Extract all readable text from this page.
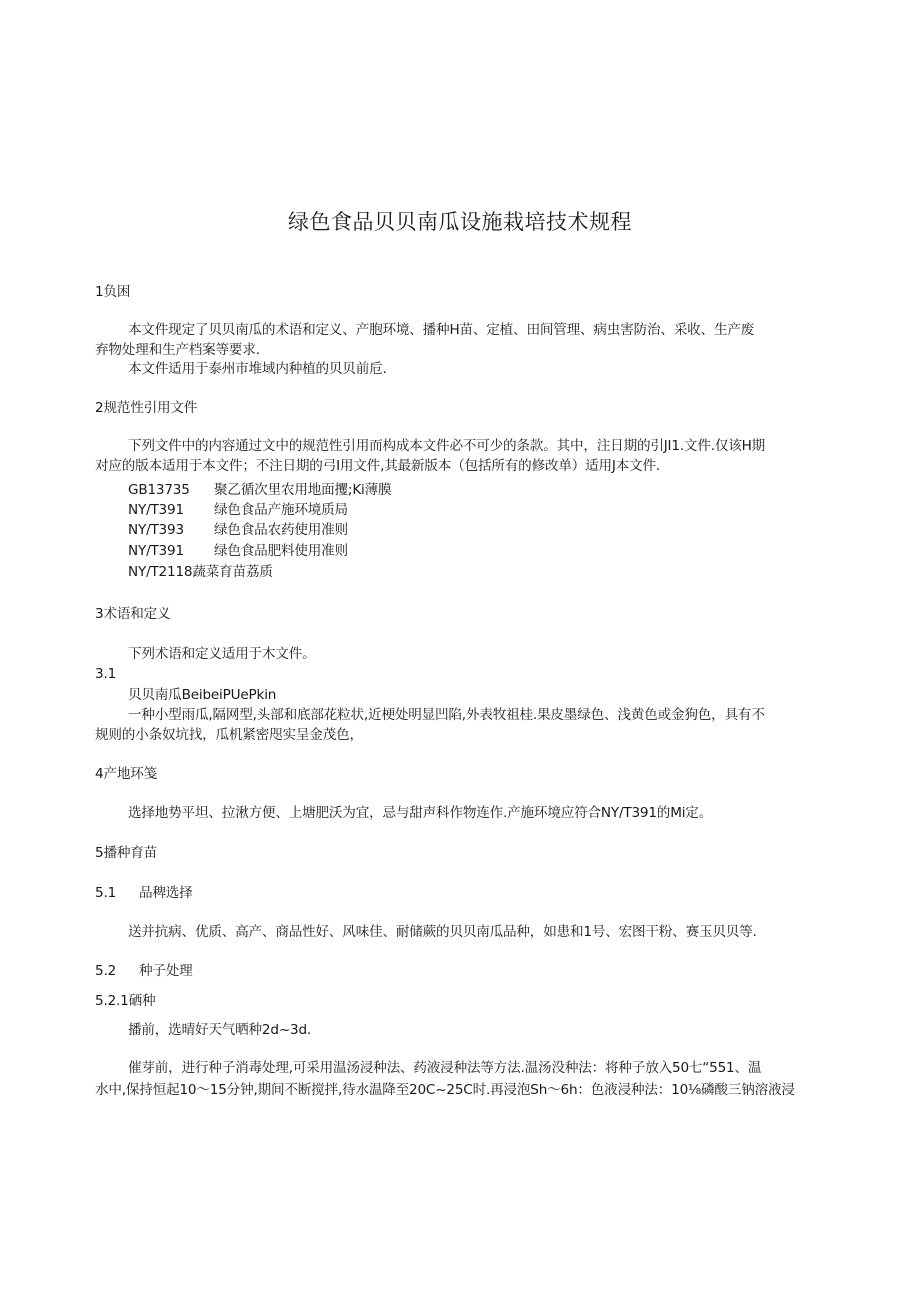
绿色食品贝贝南瓜设施栽培技术规程
1负困
本文件现定了贝贝南瓜的术语和定义、产胞环境、播种H苗、定植、田间管理、病虫害防治、采收、生产废
弃物处理和生产档案等要求.
本文件适用于泰州市堆域内种植的贝贝前卮.
2规范性引用文件
下列文件中的内容通过文中的规范性引用而构成本文件必不可少的条款。其中，注日期的引JI1.文件.仅该H期
对应的版本适用于本文件；不注日期的弓I用文件,其最新版本（包括所有的修改单）适用J本文件.
GB13735 聚乙循次里农用地面攫;Ki薄膜
NY/T391 绿色食品产施环境质局
NY/T393 绿色食品农药使用准则
NY/T391 绿色食品肥料使用准则
NY/T2118蔬菜育苗荔质
3术语和定义
下列术语和定义适用于木文件。
3.1
贝贝南瓜BeibeiPUePkin
一种小型雨瓜,隔网型,头部和底部花粒状,近梗处明显凹陷,外表牧祖桂.果皮墨绿色、浅黄色或金狗色，具有不
规则的小条奴坑找，瓜机紧密咫实呈金茂色，
4产地环笺
选择地势平坦、拉湫方便、上塘肥沃为宜，忌与甜声科作物连作.产施环境应符合NY/T391的Mi定。
5播种育苗
5.1 品稗选择
送并抗病、优质、高产、商品性好、风味佳、耐储蕨的贝贝南瓜品种，如患和1号、宏图干粉、赛玉贝贝等.
5.2 种子处理
5.2.1硒种
播前，选晴好天气晒种2d~3d.
催芽前，进行种子消毒处理,可采用温汤浸种法、药液浸种法等方法.温汤没种法：将种子放入50七“551、温
水中,保持恒起10〜15分钟,期间不断搅拌,待水温降至20C~25C时.再浸泡Sh〜6h：色液浸种法：10⅛磷酸三钠溶液浸
